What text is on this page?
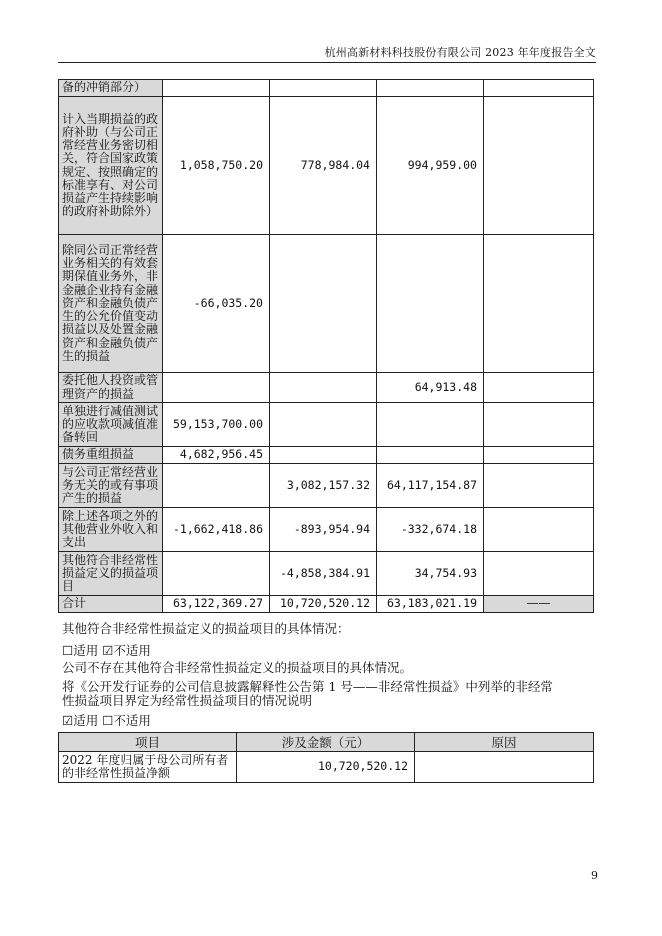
杭州高新材料科技股份有限公司 2023 年年度报告全文
备的冲销部分）				
计入当期损益的政府补助（与公司正常经营业务密切相关，符合国家政策规定、按照确定的标准享有、对公司损益产生持续影响的政府补助除外）	1,058,750.20	778,984.04	994,959.00	
除同公司正常经营业务相关的有效套期保值业务外，非金融企业持有金融资产和金融负债产生的公允价值变动损益以及处置金融资产和金融负债产生的损益	-66,035.20			
委托他人投资或管理资产的损益			64,913.48	
单独进行减值测试的应收款项减值准备转回	59,153,700.00			
债务重组损益	4,682,956.45			
与公司正常经营业务无关的或有事项产生的损益		3,082,157.32	64,117,154.87	
除上述各项之外的其他营业外收入和支出	-1,662,418.86	-893,954.94	-332,674.18	
其他符合非经常性损益定义的损益项目		-4,858,384.91	34,754.93	
合计	63,122,369.27	10,720,520.12	63,183,021.19	——
其他符合非经常性损益定义的损益项目的具体情况：
☐适用 ☑不适用
公司不存在其他符合非经常性损益定义的损益项目的具体情况。
将《公开发行证券的公司信息披露解释性公告第 1 号——非经常性损益》中列举的非经常
性损益项目界定为经常性损益项目的情况说明
☑适用 ☐不适用
项目	涉及金额（元）	原因
2022 年度归属于母公司所有者的非经常性损益净额	10,720,520.12	
9
